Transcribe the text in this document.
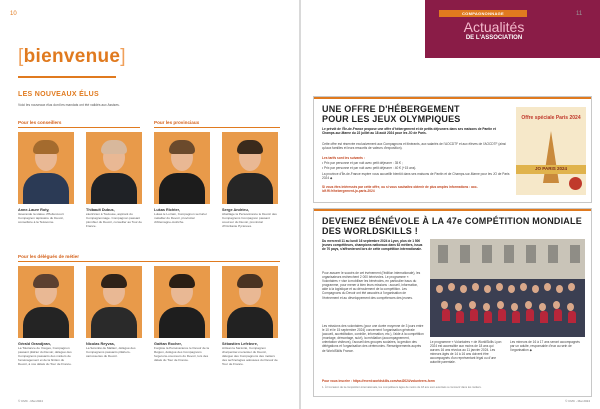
10
[bienvenue]
LES NOUVEAUX ÉLUS
Voici les nouveaux élus dont les mandats ont été validés aux Assises.
Pour les conseillers	Pour les provinciaux
Anne-Laure Roty,
tisserande la statue d'Hellencourt Compagnon tapissière du Devoir, conseillère à la Teissonne.
Thibault Dubus,
électricien à Toulouse, aspirant du Compagnonnage. Compagnon passant plombier du Devoir, conseiller au Tour de France.
Lukas Richter,
Lukas le Lorrain, Compagnon serrurier métallier du Devoir, provincial d'Allemagne-Autriche.
Serge Andrieu,
Abeillage la Persévérance le Devoir des Compagnons Compagnon passant couvreur du Devoir, provincial d'Occitanie Pyrénées.
Pour les délégués de métier
Gérald Grandjean,
La Tolérance de Vosges, Compagnon passant plâtrier du Devoir, délégué des Compagnons passants des métiers de l'aménagement et de la finition du Devoir, à nos délais du Tour de France.
Nicolas Reyvas,
La Sérénité de Mallarc, délégué des Compagnons passants plâtriers-carrosseries du Devoir.
Gaëtan Rocher,
Forgiste la Persévérance le Devoir de la Région, délégué des Compagnons forgerons-couvreurs du Devoir, lors des délais du Tour de France.
Sébastien Lefebvre,
Artisan la Sérénité, Compagnon charpentier-menuisier du Devoir, délégué des Compagnons des métiers des technologies adossées du Devoir de Tour de France.
© CMC - Mai 2024
COMPAGNONNAGE
Actualités
DE L'ASSOCIATION
11
UNE OFFRE D'HÉBERGEMENT
POUR LES JEUX OLYMPIQUES

Le prévôt de l'Île-de-France propose une offre d'hébergement et de petits déjeuners dans ses maisons de Pantin et Champs-sur-Marne du 22 juillet au 18 août 2024 pour les JO de Paris.

Cette offre est réservée exclusivement aux Compagnons et itinérants, aux salariés de l'AOCDTF et aux élèves de l'AOCDTF (ainsi qu'aux familles et leurs ressortis de valeurs d'exposition).

Les tarifs sont les suivants :

• Prix par personne et par nuit avec petit déjeuner : 35 € ;

• Prix par personne et par nuit avec petit déjeuner : 40 € (+15 ans).

La province d'Île-de-France espère vous accueillir bientôt dans ses maisons de Pantin et de Champs-sur-Marne pour les JO de Paris 2024 ◆

Si vous êtes intéressés par cette offre, ou si vous souhaitez obtenir de plus amples informations : aoc-idf.ffl.fr/hebergement-jo-paris-2024

Offre spéciale Paris 2024
JO PARIS 2024
DEVENEZ BÉNÉVOLE À LA 47e COMPÉTITION MONDIALE
DES WORLDSKILLS !

Du mercredi 11 au lundi 16 septembre 2024 à Lyon, plus de 1 500 jeunes compétiteurs, champions nationaux dans 62 métiers, issus de 70 pays, s'affronteront lors de cette compétition internationale.

Pour assurer le succès de cet événement (l'édition internationale), les organisateurs recherchent 2 000 bénévoles. Le programme « Volontaires » vise à mobiliser les bénévoles, en particulier issus du programme, pour mener à bien leurs missions : accueil, information, aide à la logistique et au déroulement de la compétition. Les Compagnons du Devoir ont été associés à l'organisation de l'événement et au développement des compétences des jeunes.

Les missions des volontaires (pour une durée moyenne de 3 jours entre le 10 et le 15 septembre 2024) concernent l'organisation générale (accueil, accréditation, contrôle, information, etc.), l'aide à la compétition (montage, démontage, suivi), la médiation (accompagnement, orientation visiteurs), l'accueil des groupes scolaires, la gestion des délégations et l'organisation des cérémonies. Renseignements auprès de WorldSkills France.

Le programme « Volontaires » de WorldSkills Lyon 2024 est accessible aux moins de 18 ans qui aurons 16 ans révolus au 11 janvier 2024. Les mineurs âgés de 14 à 16 ans doivent être accompagnés d'un représentant légal ou d'une autorité parentale.

Les mineurs de 16 à 17 ans seront accompagnés par un adulte, responsable d'eux au sein de l'organisation ◆

Pour vous inscrire : https://event.worldskills.com/wsl2024/volunteers-form

1. À l'occasion de la compétition internationale, les compétiteurs âgés de moins de 18 ans sont autorisés à concourir dans les métiers.

© CMC - Mai 2024
